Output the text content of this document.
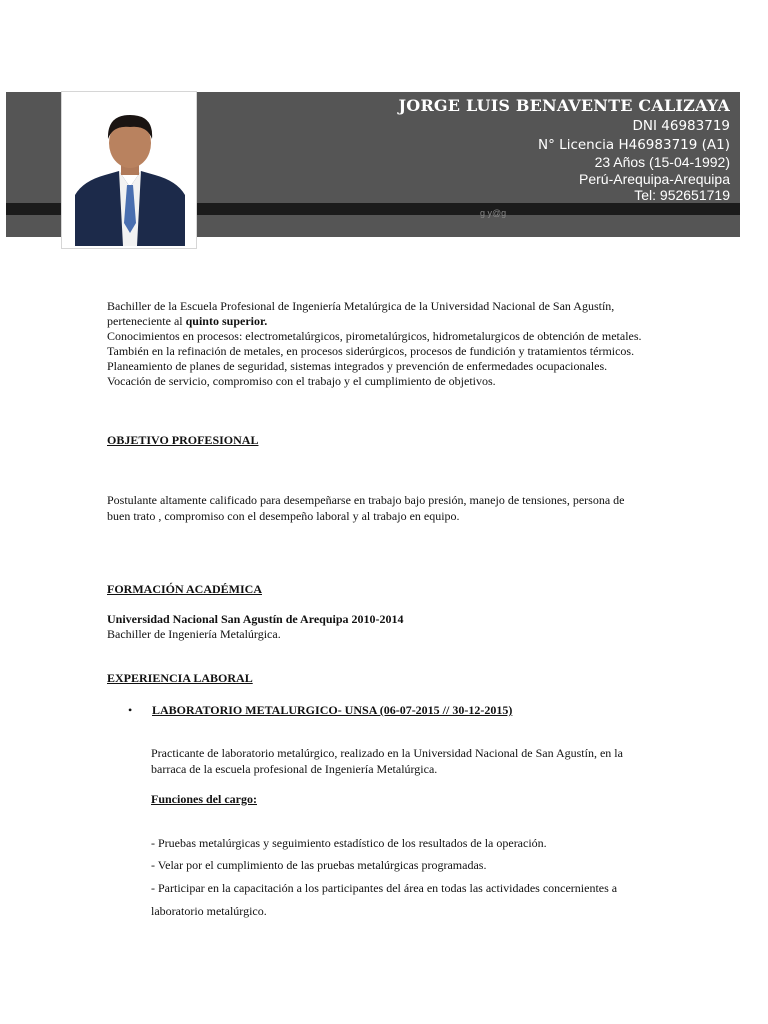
g y@g
JORGE LUIS BENAVENTE CALIZAYA
DNI 46983719
N° Licencia H46983719 (A1)
23 Años (15-04-1992)
Perú-Arequipa-Arequipa
Tel: 952651719
Bachiller de la Escuela Profesional de Ingeniería Metalúrgica de la Universidad Nacional de San Agustín,
perteneciente al quinto superior.
Conocimientos en procesos: electrometalúrgicos, pirometalúrgicos, hidrometalurgicos de obtención de metales.
También en la refinación de metales, en procesos siderúrgicos, procesos de fundición y tratamientos térmicos.
Planeamiento de planes de seguridad, sistemas integrados y prevención de enfermedades ocupacionales.
Vocación de servicio, compromiso con el trabajo y el cumplimiento de objetivos.
OBJETIVO PROFESIONAL
Postulante altamente calificado para desempeñarse en trabajo bajo presión, manejo de tensiones, persona de
buen trato , compromiso con el desempeño laboral y al trabajo en equipo.
FORMACIÓN ACADÉMICA
Universidad Nacional San Agustín de Arequipa 2010-2014
Bachiller de Ingeniería Metalúrgica.
EXPERIENCIA LABORAL
• LABORATORIO METALURGICO- UNSA (06-07-2015 // 30-12-2015)
Practicante de laboratorio metalúrgico, realizado en la Universidad Nacional de San Agustín, en la
barraca de la escuela profesional de Ingeniería Metalúrgica.
Funciones del cargo:
- Pruebas metalúrgicas y seguimiento estadístico de los resultados de la operación.
- Velar por el cumplimiento de las pruebas metalúrgicas programadas.
- Participar en la capacitación a los participantes del área en todas las actividades concernientes a
laboratorio metalúrgico.
